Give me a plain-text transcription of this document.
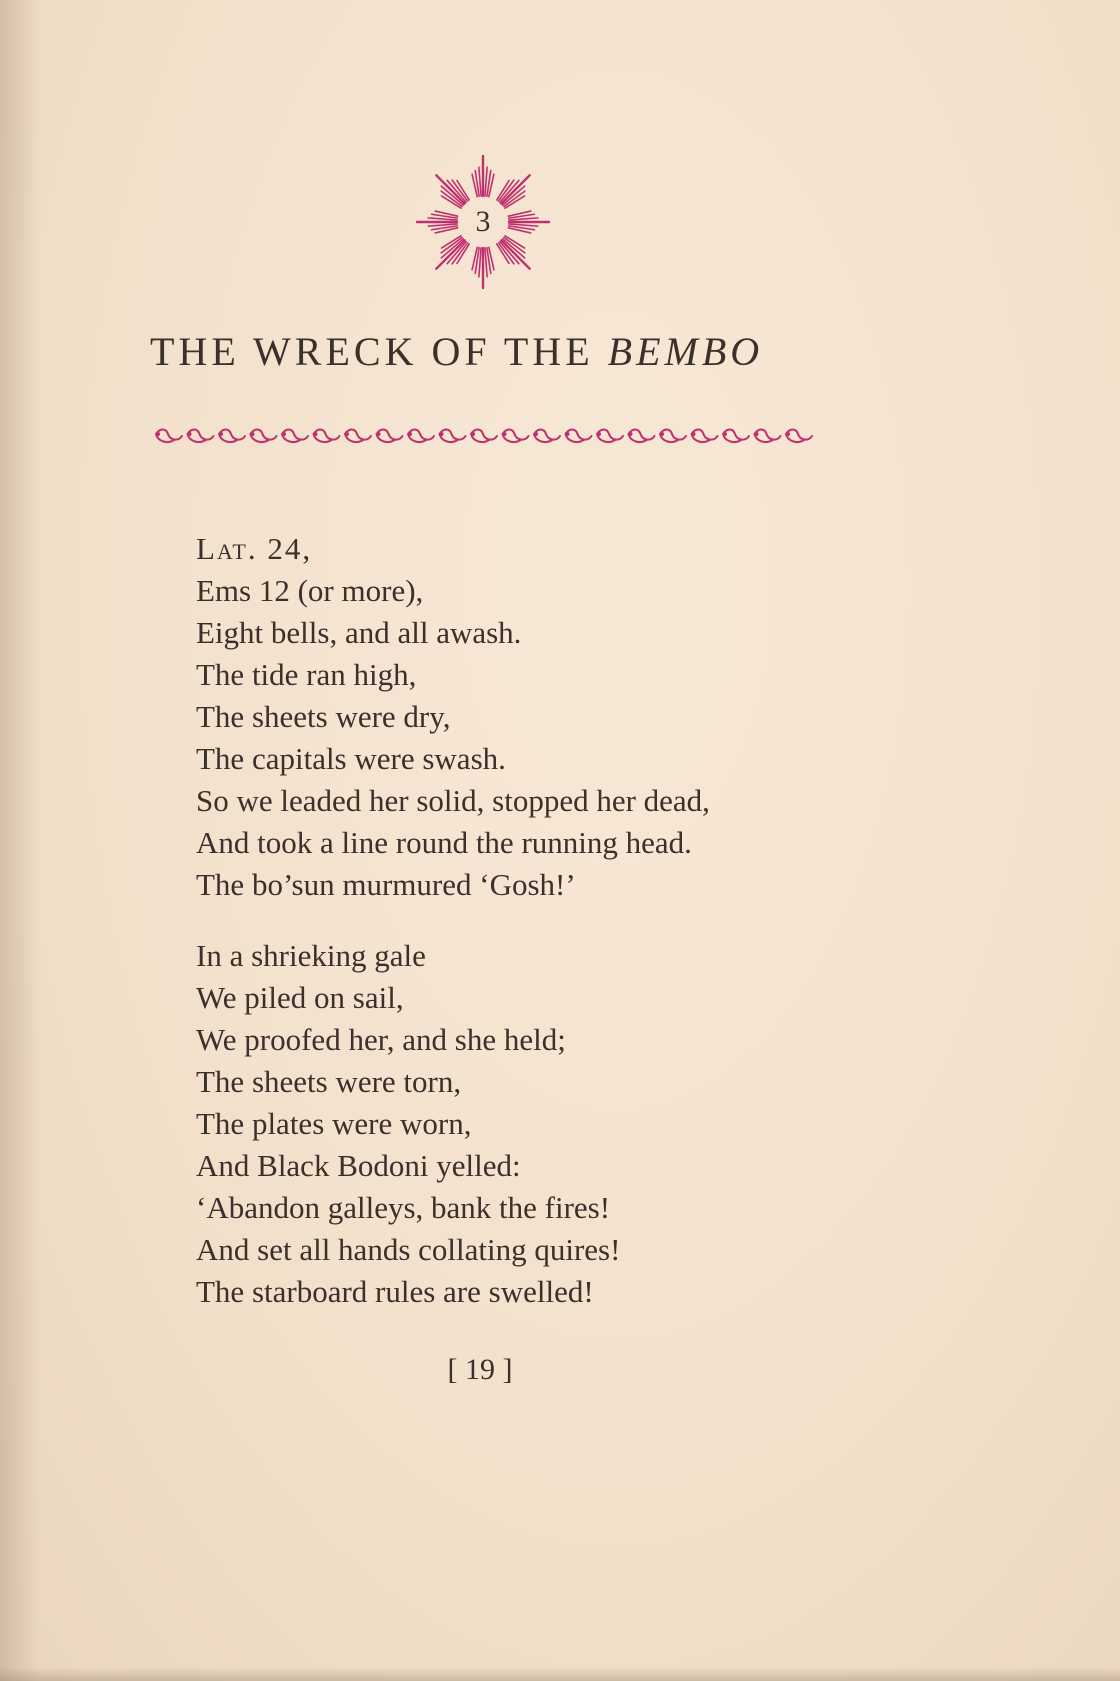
3
THE WRECK OF THE BEMBO

Lat. 24,
Ems 12 (or more),
Eight bells, and all awash.
The tide ran high,
The sheets were dry,
The capitals were swash.
So we leaded her solid, stopped her dead,
And took a line round the running head.
The bo’sun murmured ‘Gosh!’

In a shrieking gale
We piled on sail,
We proofed her, and she held;
The sheets were torn,
The plates were worn,
And Black Bodoni yelled:
‘Abandon galleys, bank the fires!
And set all hands collating quires!
The starboard rules are swelled!

[ 19 ]
